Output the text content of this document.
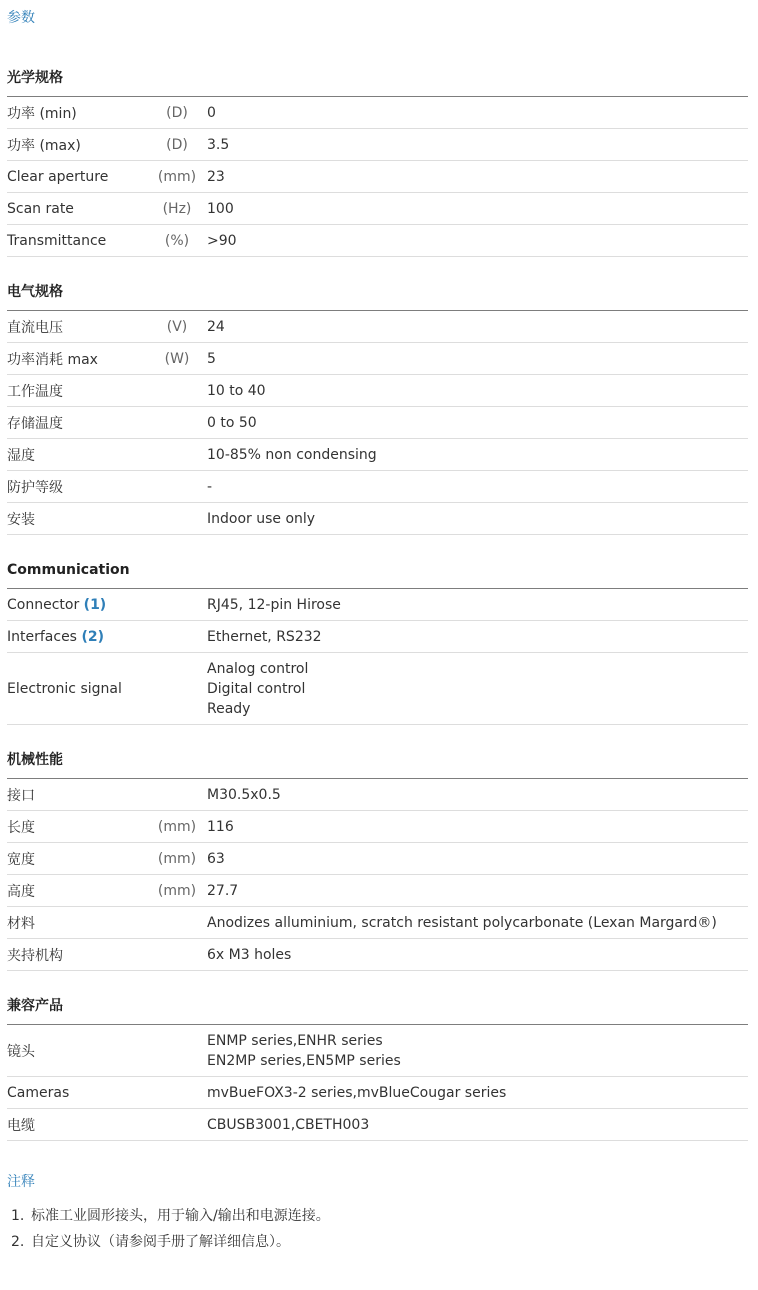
参数
光学规格
功率 (min)	(D)	0
功率 (max)	(D)	3.5
Clear aperture	(mm) 23
Scan rate	(Hz)	100
Transmittance	(%)	>90
电气规格
直流电压	(V)	24
功率消耗 max	(W)	5
工作温度	10 to 40
存储温度	0 to 50
湿度	10-85% non condensing
防护等级	-
安装	Indoor use only
Communication
Connector (1)	RJ45, 12-pin Hirose
Interfaces (2)	Ethernet, RS232
Electronic signal
Analog control
Digital control
Ready
机械性能
接口	M30.5x0.5
长度	(mm) 116
宽度	(mm) 63
高度	(mm) 27.7
材料	Anodizes alluminium, scratch resistant polycarbonate (Lexan Margard®)
夹持机构	6x M3 holes
兼容产品
镜头
ENMP series,ENHR series
EN2MP series,EN5MP series
Cameras	mvBueFOX3-2 series,mvBlueCougar series
电缆	CBUSB3001,CBETH003
注释
1. 标准工业圆形接头，用于输入/输出和电源连接。
2. 自定义协议（请参阅手册了解详细信息）。
